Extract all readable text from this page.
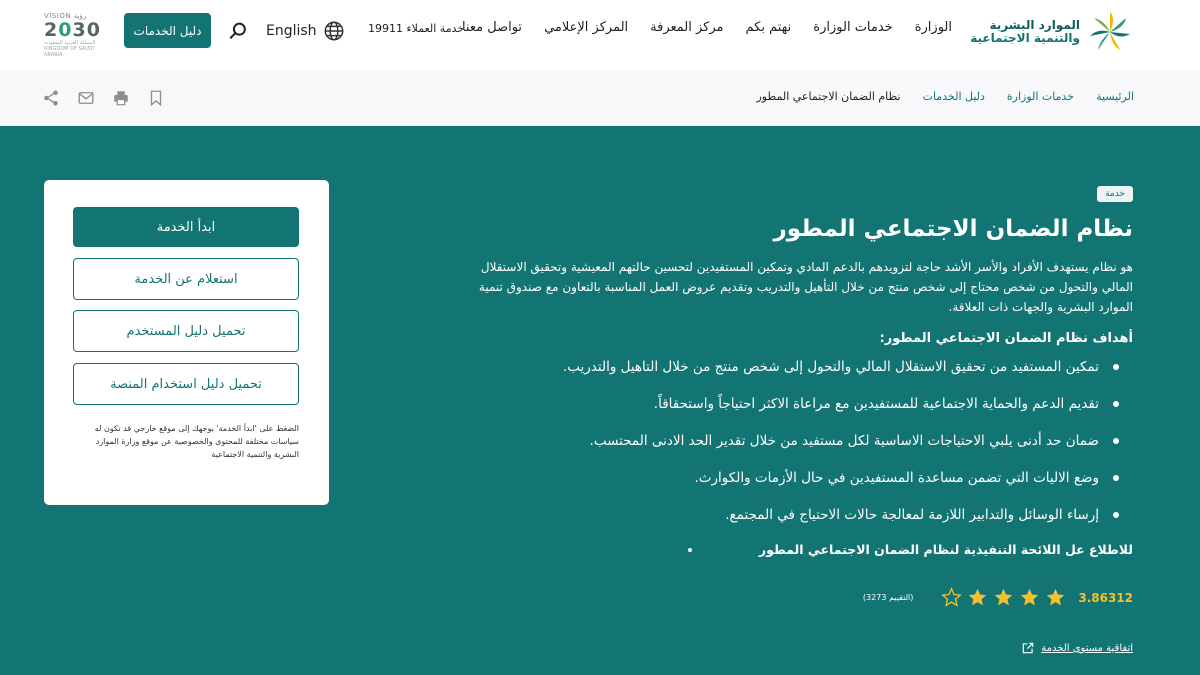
الموارد البشرية
والتنمية الاجتماعية
الوزارة
خدمات الوزارة
نهتم بكم
مركز المعرفة
المركز الإعلامي
تواصل معنا
خدمة العملاء 19911
English
دليل الخدمات
VISION رؤية
2030
المملكة العربية السعودية KINGDOM OF SAUDI ARABIA
الرئيسية
خدمات الوزارة
دليل الخدمات
نظام الضمان الاجتماعي المطور
خدمة
نظام الضمان الاجتماعي المطور

هو نظام يستهدف الأفراد والأسر الأشد حاجة لتزويدهم بالدعم المادي وتمكين المستفيدين لتحسين حالتهم المعيشية وتحقيق الاستقلال المالي والتحول من شخص محتاج إلى شخص منتج من خلال التأهيل والتدريب وتقديم عروض العمل المناسبة بالتعاون مع صندوق تنمية الموارد البشرية والجهات ذات العلاقة.

أهداف نظام الضمان الاجتماعي المطور:
تمكين المستفيد من تحقيق الاستقلال المالي والتحول إلى شخص منتج من خلال التاهيل والتدريب.
تقديم الدعم والحماية الاجتماعية للمستفيدين مع مراعاة الاكثر احتياجاً واستحقاقاً.
ضمان حد أدنى يلبي الاحتياجات الاساسية لكل مستفيد من خلال تقدير الحد الادنى المحتسب.
وضع الاليات التي تضمن مساعدة المستفيدين في حال الأزمات والكوارث.
إرساء الوسائل والتدابير اللازمة لمعالجة حالات الاحتياج في المجتمع.
للاطلاع عل اللائحة التنفيذية لنظام الضمان الاجتماعي المطور
3.86312
(التقييم 3273)
اتفاقية مستوى الخدمة
ابدأ الخدمة
استعلام عن الخدمة
تحميل دليل المستخدم
تحميل دليل استخدام المنصة

الضغط على 'ابدأ الخدمة' يوجهك إلى موقع خارجي قد تكون له سياسات مختلفة للمحتوى والخصوصية عن موقع وزارة الموارد البشرية والتنمية الاجتماعية
